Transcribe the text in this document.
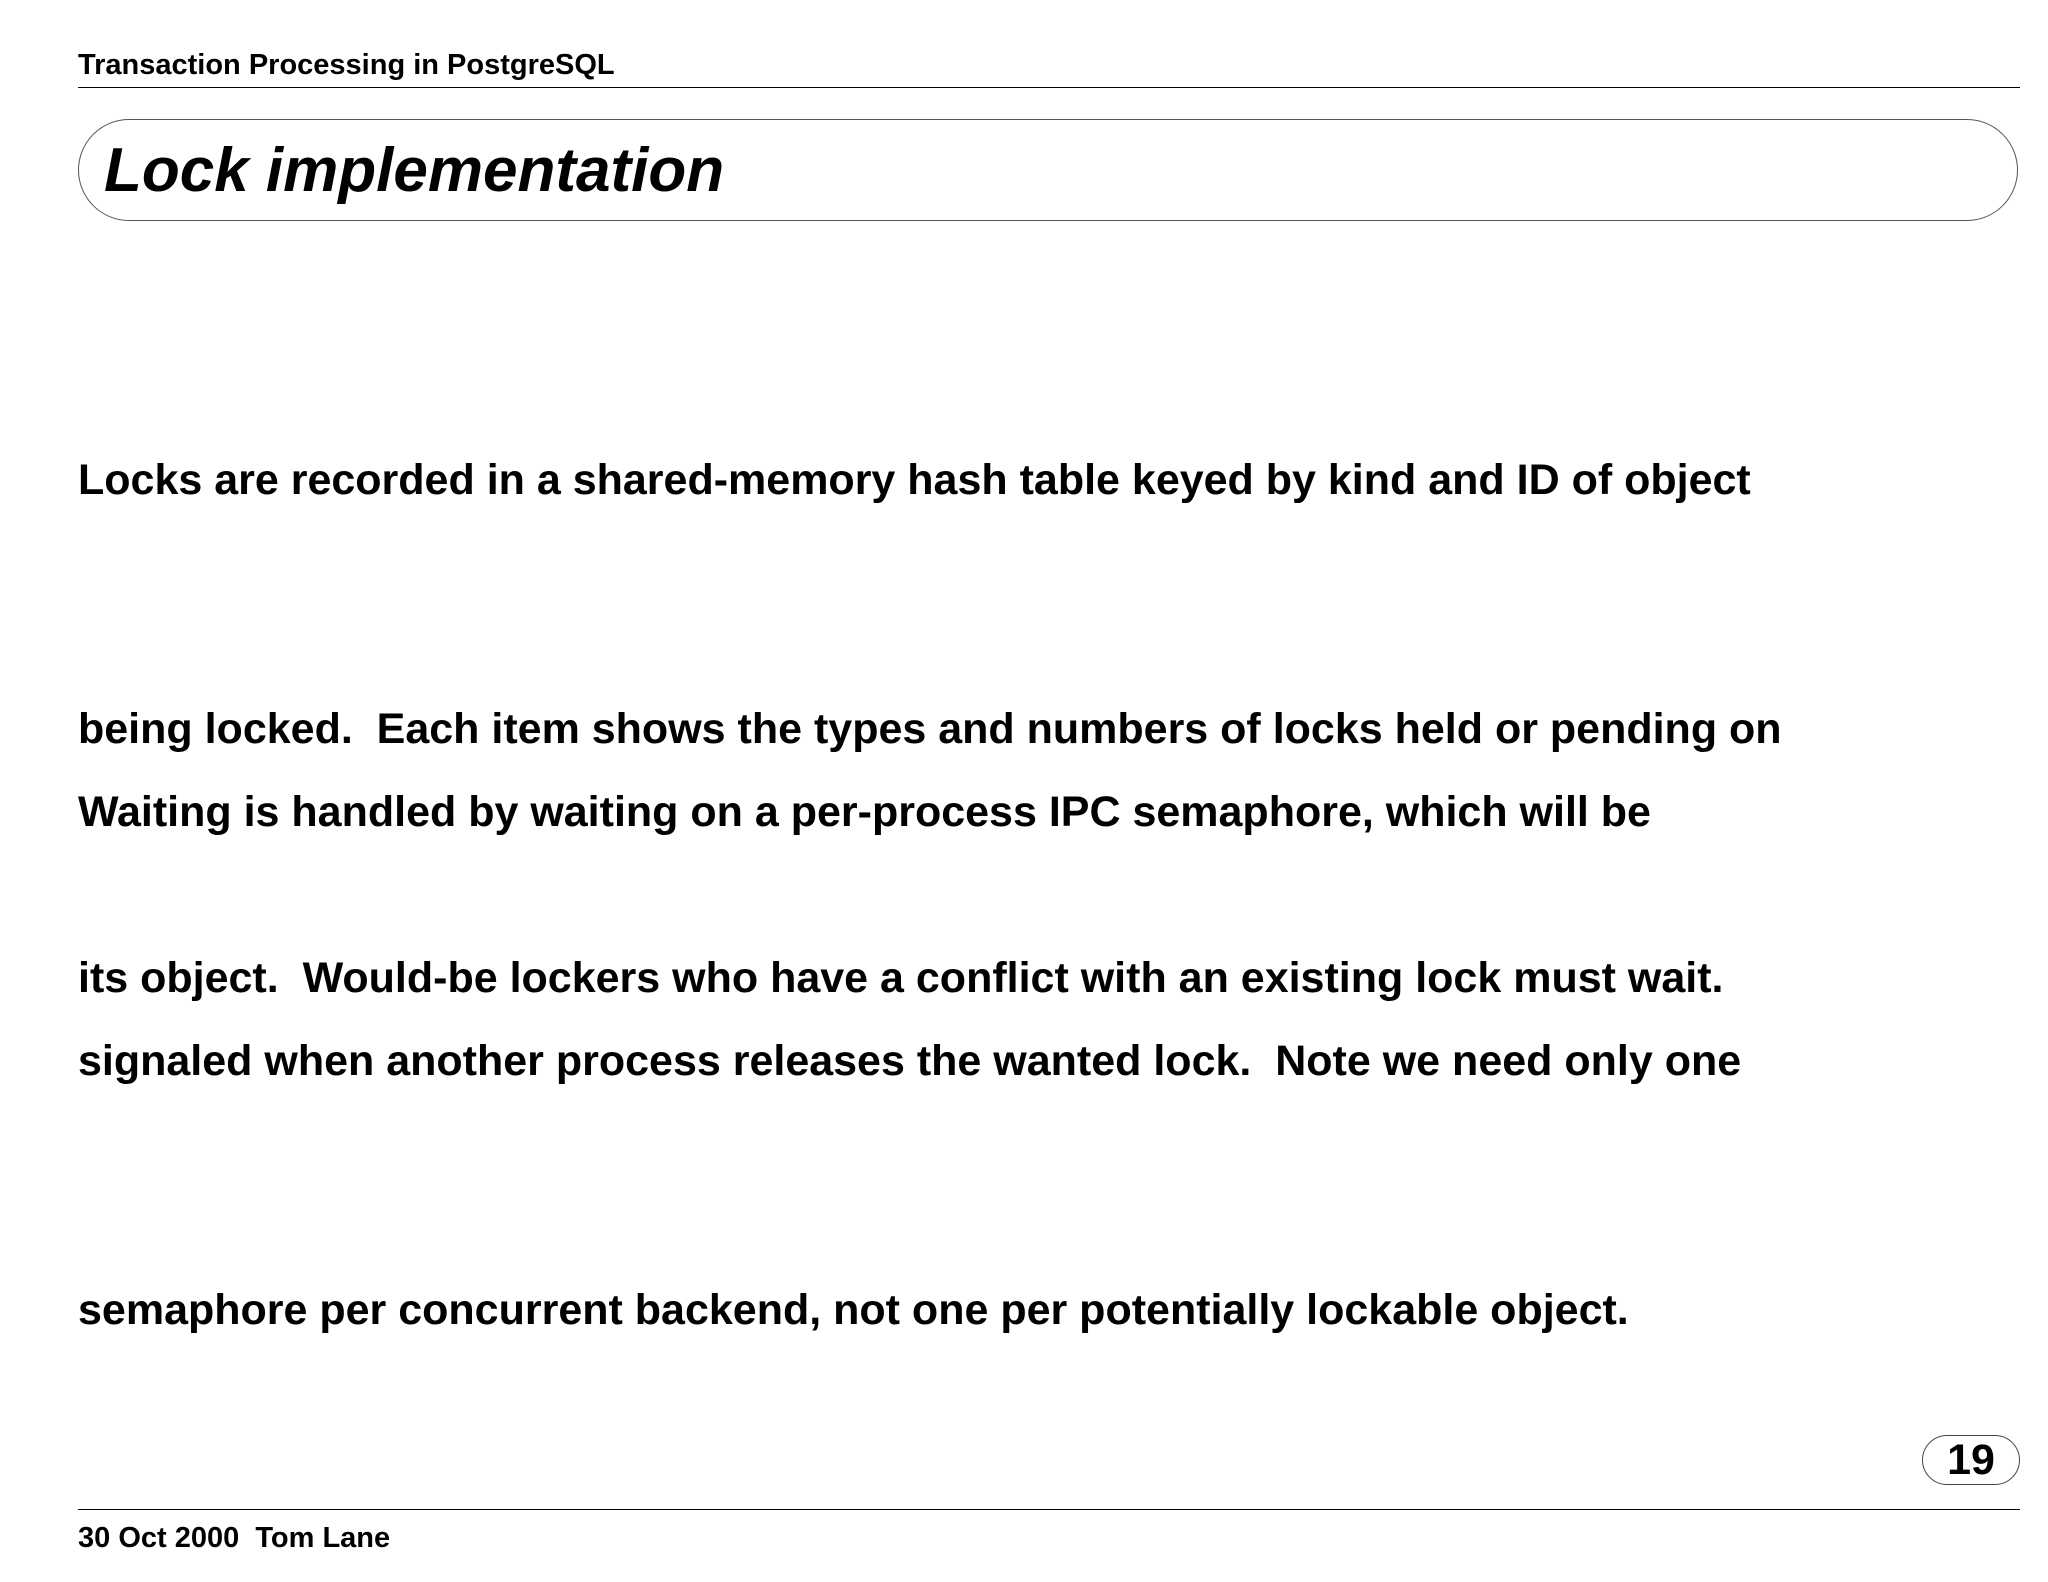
Transaction Processing in PostgreSQL
Lock implementation

Locks are recorded in a shared-memory hash table keyed by kind and ID of object

being locked.  Each item shows the types and numbers of locks held or pending on

its object.  Would-be lockers who have a conflict with an existing lock must wait.

Waiting is handled by waiting on a per-process IPC semaphore, which will be

signaled when another process releases the wanted lock.  Note we need only one

semaphore per concurrent backend, not one per potentially lockable object.

19
30 Oct 2000  Tom Lane
